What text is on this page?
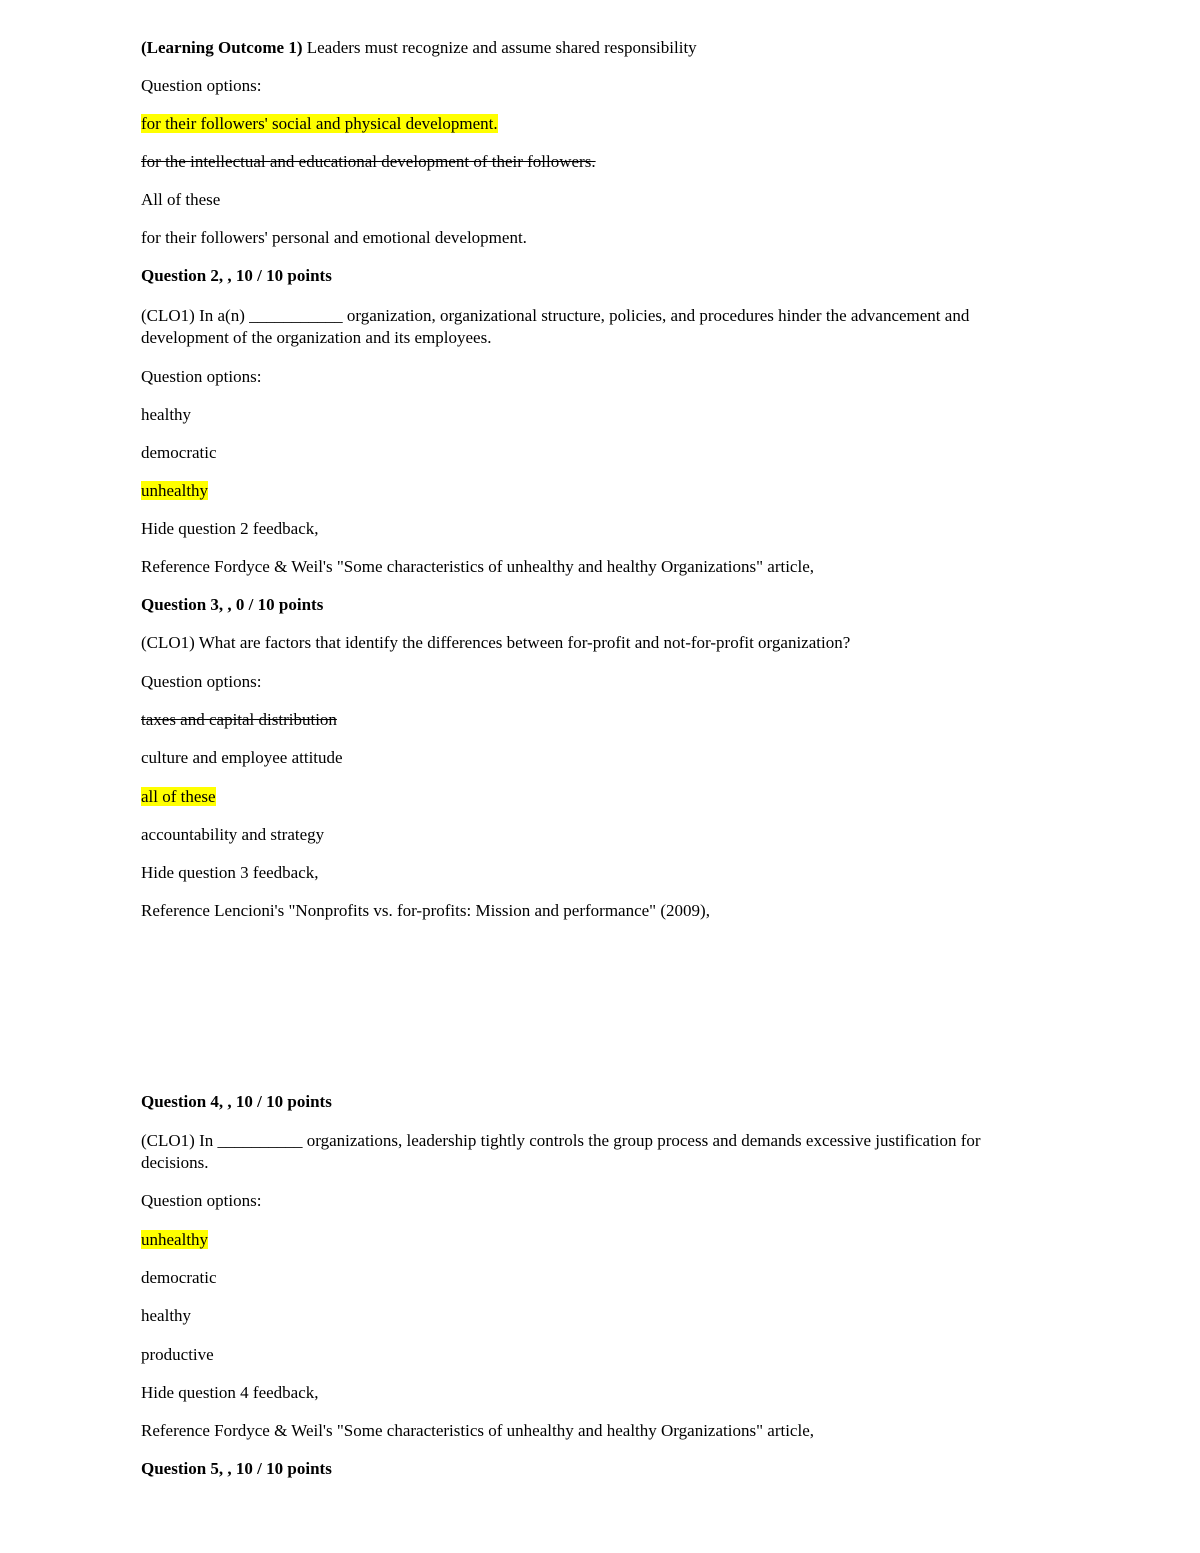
(Learning Outcome 1) Leaders must recognize and assume shared responsibility
Question options:
for their followers' social and physical development.
for the intellectual and educational development of their followers.
All of these
for their followers' personal and emotional development.
Question 2, , 10 / 10 points
(CLO1) In a(n) ___________ organization, organizational structure, policies, and procedures hinder the advancement and development of the organization and its employees.
Question options:
healthy
democratic
unhealthy
Hide question 2 feedback,
Reference Fordyce & Weil's "Some characteristics of unhealthy and healthy Organizations" article,
Question 3, , 0 / 10 points
(CLO1) What are factors that identify the differences between for-profit and not-for-profit organization?
Question options:
taxes and capital distribution
culture and employee attitude
all of these
accountability and strategy
Hide question 3 feedback,
Reference Lencioni's "Nonprofits vs. for-profits: Mission and performance" (2009),
Question 4, , 10 / 10 points
(CLO1) In __________ organizations, leadership tightly controls the group process and demands excessive justification for decisions.
Question options:
unhealthy
democratic
healthy
productive
Hide question 4 feedback,
Reference Fordyce & Weil's "Some characteristics of unhealthy and healthy Organizations" article,
Question 5, , 10 / 10 points
